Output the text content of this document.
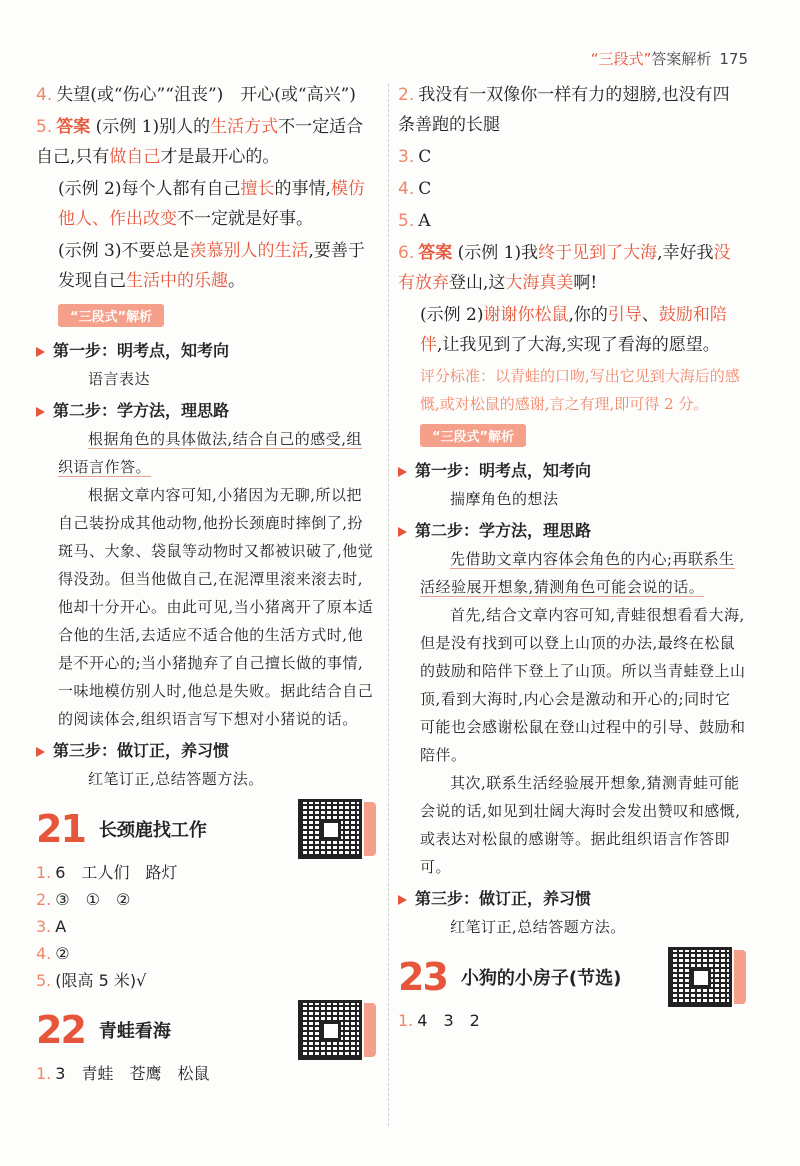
“三段式”答案解析 175
4. 失望(或“伤心”“沮丧”)　开心(或“高兴”)
5. 答案 (示例 1)别人的生活方式不一定适合自己,只有做自己才是最开心的。
(示例 2)每个人都有自己擅长的事情,模仿他人、作出改变不一定就是好事。
(示例 3)不要总是羡慕别人的生活,要善于发现自己生活中的乐趣。
“三段式”解析
第一步：明考点，知考向
语言表达
第二步：学方法，理思路
根据角色的具体做法,结合自己的感受,组织语言作答。
根据文章内容可知,小猪因为无聊,所以把自己装扮成其他动物,他扮长颈鹿时摔倒了,扮斑马、大象、袋鼠等动物时又都被识破了,他觉得没劲。但当他做自己,在泥潭里滚来滚去时,他却十分开心。由此可见,当小猪离开了原本适合他的生活,去适应不适合他的生活方式时,他是不开心的;当小猪抛弃了自己擅长做的事情,一味地模仿别人时,他总是失败。据此结合自己的阅读体会,组织语言写下想对小猪说的话。
第三步：做订正，养习惯
红笔订正,总结答题方法。
21 长颈鹿找工作
1. 6　工人们　路灯
2. ③　①　②
3. A
4. ②
5. (限高 5 米)√
22 青蛙看海
1. 3　青蛙　苍鹰　松鼠
2. 我没有一双像你一样有力的翅膀,也没有四条善跑的长腿
3. C
4. C
5. A
6. 答案 (示例 1)我终于见到了大海,幸好我没有放弃登山,这大海真美啊!
(示例 2)谢谢你松鼠,你的引导、鼓励和陪伴,让我见到了大海,实现了看海的愿望。
评分标准：以青蛙的口吻,写出它见到大海后的感慨,或对松鼠的感谢,言之有理,即可得 2 分。
“三段式”解析
第一步：明考点，知考向
揣摩角色的想法
第二步：学方法，理思路
先借助文章内容体会角色的内心;再联系生活经验展开想象,猜测角色可能会说的话。
首先,结合文章内容可知,青蛙很想看看大海,但是没有找到可以登上山顶的办法,最终在松鼠的鼓励和陪伴下登上了山顶。所以当青蛙登上山顶,看到大海时,内心会是激动和开心的;同时它可能也会感谢松鼠在登山过程中的引导、鼓励和陪伴。
其次,联系生活经验展开想象,猜测青蛙可能会说的话,如见到壮阔大海时会发出赞叹和感慨,或表达对松鼠的感谢等。据此组织语言作答即可。
第三步：做订正，养习惯
红笔订正,总结答题方法。
23 小狗的小房子(节选)
1. 4　3　2
